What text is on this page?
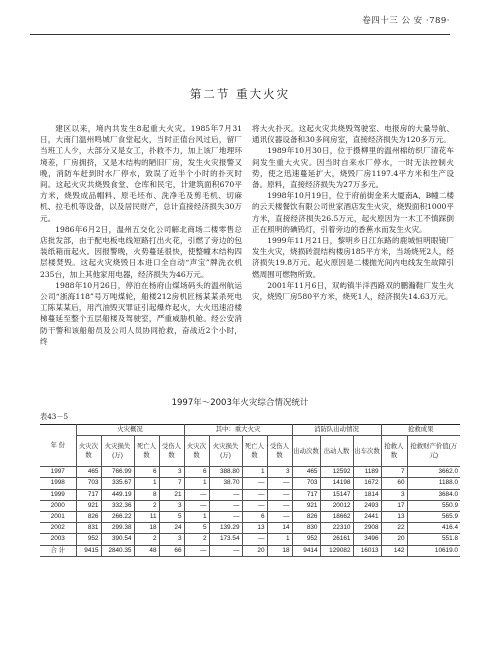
卷四十三 公 安 ·789·
第二节 重大火灾

建区以来，境内共发生8起重大火灾。1985年7月31日，大南门温州鸣城厂食堂起火，当时正值台风过后，留厂当班工人少，大部分又是女工，扑救不力，加上该厂地理环境差，厂房拥挤，又是木结构的陋旧厂房，发生火灾报警又晚，消防车赶到时水厂停水，致误了近半个小时的扑灭时间。这起火灾共烧毁食堂、仓库和民宅，计建筑面积670平方米，烧毁成品帽料、原毛坯布、洗净毛及剪毛机、切麻机、拉毛机等设备，以及居民财产，总计直接经济损失30万元。

1986年6月2日，温州五交化公司解北商场二楼零售总店批发部，由于配电板电线短路打出火花，引燃了旁边的包装纸箱而起火。因报警晚，火势蔓延很快，使整幢木结构四层楼焚毁。这起火灾烧毁日本进口全自动“声宝”牌洗衣机235台，加上其他家用电器，经济损失为46万元。

1988年10月26日，停泊在杨府山煤场码头的温州航运公司“浙海118”号万吨煤轮，船楼212房机匠杨某某杀死电工陈某某后，用汽油毁灭罪证引起爆炸起火，大火迅速沿楼梯蔓延至整个五层船楼及驾驶室，严重威胁机舱。经公安消防干警和该船船员及公司人员协同抢救，奋战近2个小时，终

将大火扑灭。这起火灾共烧毁驾驶室、电报房的大量导航、通讯仪器设备和30多间房室，直接经济损失为120多万元。

1989年10月30日，位于摄柳里的温州棉纺织厂清花车间发生重大火灾。因当时自来水厂停水，一时无法控制火势，使之迅速蔓延扩大，烧毁厂房1197.4平方米和生产设备。原料，直接经济损失为27万多元。

1998年10月19日，位于府前街金来大厦南A、B幢二楼的云天楼餐饮有限公司世家酒店发生火灾，烧毁面积1000平方米，直接经济损失26.5万元，起火原因为一木工不慎踩倒正在照明的碘钨灯，引着旁边的香蕉水而发生火灾。

1999年11月21日，黎明乡日江东路的鹿城恒明眼镜厂发生火灾，烧损砖混结构楼房185平方米，当场烧死2人，经济损失19.8万元。起火原因是二楼抛光间内电线发生故障引燃周围可燃物所致。

2001年11月6日，双屿镇半洋西路双的鹏瀚鞋厂发生火灾，烧毁厂房580平方米，烧死1人，经济损失14.63万元。

1997年～2003年火灾综合情况统计
表43－5
年 份	火灾概况				其中：重大火灾				消防队出动情况			抢救成果	
	火灾次数	火灾损失(万)	死亡人数	受伤人数	火灾次数	火灾损失(万)	死亡人数	受伤人数	出动次数	出动人数	出车次数	抢救人数	抢救财产价值(万元)
1997	465	766.99	6	3	6	388.80	1	3	465	12592	1189	7	3662.0
1998	703	335.67	1	7	1	38.70	—	—	703	14198	1672	60	1188.0
1999	717	449.19	8	21	—	—	—	—	717	15147	1814	3	3684.0
2000	921	332.36	2	3	—	—	—	—	921	20012	2493	17	550.9
2001	826	266.22	11	5	1	—	6	—	826	18662	2441	13	565.9
2002	831	299.38	18	24	5	139.29	13	14	830	22310	2908	22	416.4
2003	952	390.54	2	3	2	173.54	—	1	952	26161	3496	20	551.8
合 计	9415	2840.35	48	66	—	—	20	18	9414	129082	16013	142	10619.0
